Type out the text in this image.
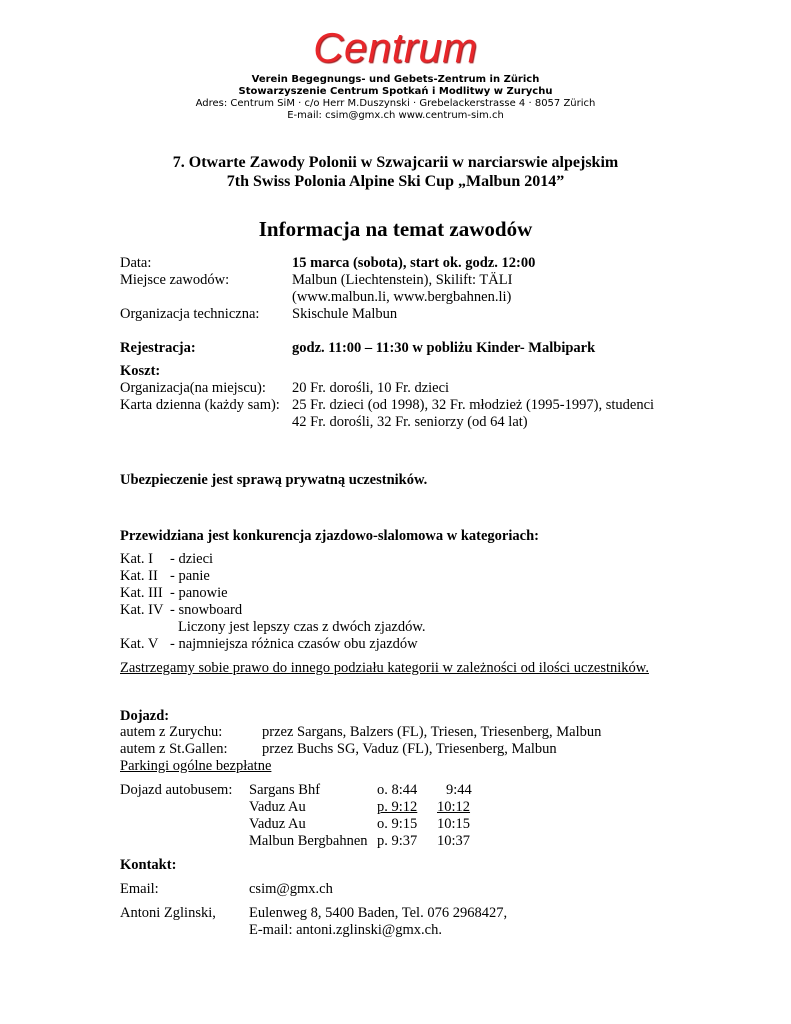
Centrum
Verein Begegnungs- und Gebets-Zentrum in Zürich
Stowarzyszenie Centrum Spotkań i Modlitwy w Zurychu
Adres: Centrum SiM · c/o Herr M.Duszynski · Grebelackerstrasse 4 · 8057 Zürich
E-mail: csim@gmx.ch www.centrum-sim.ch
7. Otwarte Zawody Polonii w Szwajcarii w narciarswie alpejskim
7th Swiss Polonia Alpine Ski Cup „Malbun 2014”
Informacja na temat zawodów
Data:	15 marca (sobota), start ok. godz. 12:00
Miejsce zawodów:	Malbun (Liechtenstein), Skilift: TÄLI
(www.malbun.li, www.bergbahnen.li)
Organizacja techniczna: Skischule Malbun
Rejestracja:	godz. 11:00 – 11:30 w pobliżu Kinder- Malbipark
Koszt:
Organizacja(na miejscu): 20 Fr. dorośli, 10 Fr. dzieci
Karta dzienna (każdy sam): 25 Fr. dzieci (od 1998), 32 Fr. młodzież (1995-1997), studenci
42 Fr. dorośli, 32 Fr. seniorzy (od 64 lat)
Ubezpieczenie jest sprawą prywatną uczestników.
Przewidziana jest konkurencja zjazdowo-slalomowa w kategoriach:
Kat. I - dzieci
Kat. II - panie
Kat. III - panowie
Kat. IV - snowboard
Liczony jest lepszy czas z dwóch zjazdów.
Kat. V - najmniejsza różnica czasów obu zjazdów
Zastrzegamy sobie prawo do innego podziału kategorii w zależności od ilości uczestników.
Dojazd:
autem z Zurychu:	przez Sargans, Balzers (FL), Triesen, Triesenberg, Malbun
autem z St.Gallen: przez Buchs SG, Vaduz (FL), Triesenberg, Malbun
Parkingi ogólne bezpłatne
Dojazd autobusem: Sargans Bhf	o. 8:44 9:44
Vaduz Au	p. 9:12 10:12
Vaduz Au	o. 9:15 10:15
Malbun Bergbahnen p. 9:37 10:37
Kontakt:
Email:	csim@gmx.ch
Antoni Zglinski, Eulenweg 8, 5400 Baden, Tel. 076 2968427,
E-mail: antoni.zglinski@gmx.ch.
